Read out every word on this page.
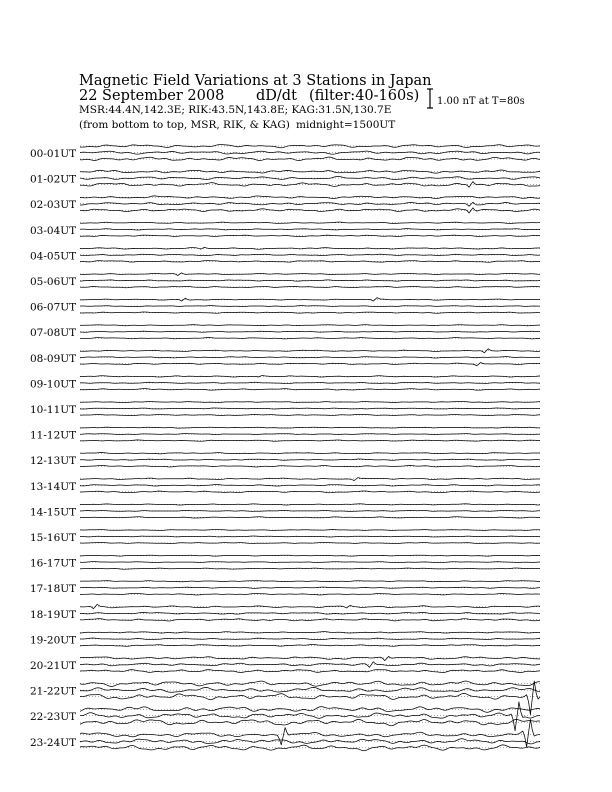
Magnetic Field Variations at 3 Stations in Japan
22 September 2008 dD/dt (filter:40-160s)
MSR:44.4N,142.3E; RIK:43.5N,143.8E; KAG:31.5N,130.7E
(from bottom to top, MSR, RIK, & KAG) midnight=1500UT
1.00 nT at T=80s
00-01UT
01-02UT
02-03UT
03-04UT
04-05UT
05-06UT
06-07UT
07-08UT
08-09UT
09-10UT
10-11UT
11-12UT
12-13UT
13-14UT
14-15UT
15-16UT
16-17UT
17-18UT
18-19UT
19-20UT
20-21UT
21-22UT
22-23UT
23-24UT
